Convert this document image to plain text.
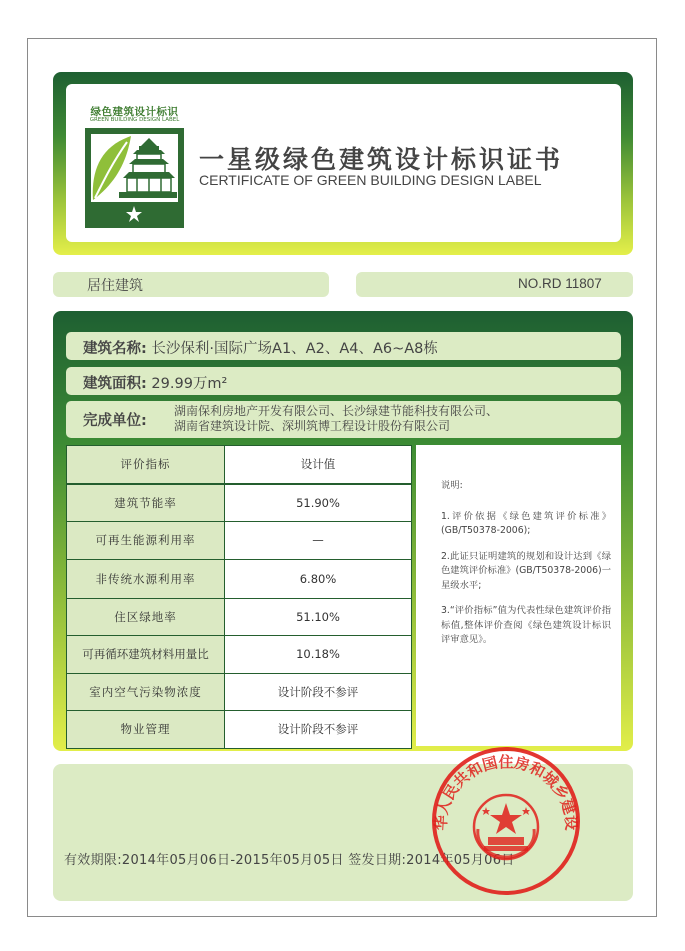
绿色建筑设计标识
GREEN BUILDING DESIGN LABEL
一星级绿色建筑设计标识证书
CERTIFICATE OF GREEN BUILDING DESIGN LABEL
居住建筑	NO.RD 11807
建筑名称: 长沙保利·国际广场A1、A2、A4、A6~A8栋
建筑面积: 29.99万m²
完成单位:
湖南保利房地产开发有限公司、长沙绿建节能科技有限公司、
湖南省建筑设计院、深圳筑博工程设计股份有限公司
评价指标	设计值
建筑节能率	51.90%
可再生能源利用率	—
非传统水源利用率	6.80%
住区绿地率	51.10%
可再循环建筑材料用量比	10.18%
室内空气污染物浓度	设计阶段不参评
物业管理	设计阶段不参评

说明:

1.评价依据《绿色建筑评价标准》(GB/T50378-2006);

2.此证只证明建筑的规划和设计达到《绿色建筑评价标准》(GB/T50378-2006)一星级水平;

3.“评价指标”值为代表性绿色建筑评价指标值,整体评价查阅《绿色建筑设计标识评审意见》。

有效期限:2014年05月06日-2015年05月05日 签发日期:2014年05月06日
华人民共和国住房和城乡建设
